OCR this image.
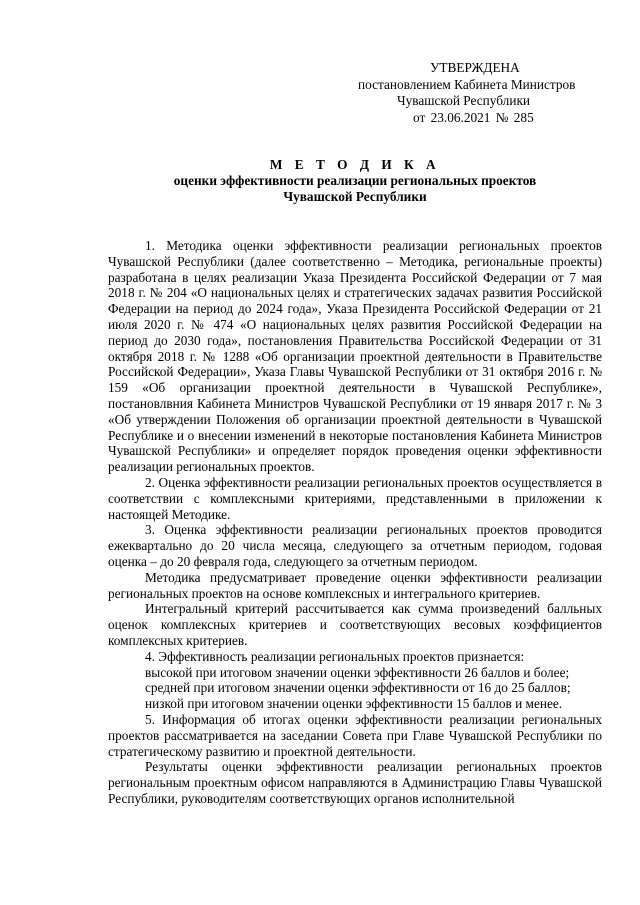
УТВЕРЖДЕНА
постановлением Кабинета Министров
Чувашской Республики
от 23.06.2021 № 285
М Е Т О Д И К А
оценки эффективности реализации региональных проектов
Чувашской Республики

1. Методика оценки эффективности реализации региональных проектов Чувашской Республики (далее соответственно – Методика, региональные проекты) разработана в целях реализации Указа Президента Российской Федерации от 7 мая 2018 г. № 204 «О национальных целях и стратегических задачах развития Российской Федерации на период до 2024 года», Указа Президента Российской Федерации от 21 июля 2020 г. № 474 «О национальных целях развития Российской Федерации на период до 2030 года», постановления Правительства Российской Федерации от 31 октября 2018 г. № 1288 «Об организации проектной деятельности в Правительстве Российской Федерации», Указа Главы Чувашской Республики от 31 октября 2016 г. № 159 «Об организации проектной деятельности в Чувашской Республике», постановлвния Кабинета Министров Чувашской Республики от 19 января 2017 г. № 3 «Об утверждении Положения об организации проектной деятельности в Чувашской Республике и о внесении изменений в некоторые постановления Кабинета Министров Чувашской Республики» и определяет порядок проведения оценки эффективности реализации региональных проектов.

2. Оценка эффективности реализации региональных проектов осуществляется в соответствии с комплексными критериями, представленными в приложении к настоящей Методике.

3. Оценка эффективности реализации региональных проектов проводится ежеквартально до 20 числа месяца, следующего за отчетным периодом, годовая оценка – до 20 февраля года, следующего за отчетным периодом.

Методика предусматривает проведение оценки эффективности реализации региональных проектов на основе комплексных и интегрального критериев.

Интегральный критерий рассчитывается как сумма произведений балльных оценок комплексных критериев и соответствующих весовых коэффициентов комплексных критериев.

4. Эффективность реализации региональных проектов признается:

высокой при итоговом значении оценки эффективности 26 баллов и более;

средней при итоговом значении оценки эффективности от 16 до 25 баллов;

низкой при итоговом значении оценки эффективности 15 баллов и менее.

5. Информация об итогах оценки эффективности реализации региональных проектов рассматривается на заседании Совета при Главе Чувашской Республики по стратегическому развитию и проектной деятельности.

Результаты оценки эффективности реализации региональных проектов региональным проектным офисом направляются в Администрацию Главы Чувашской Республики, руководителям соответствующих органов исполнительной
